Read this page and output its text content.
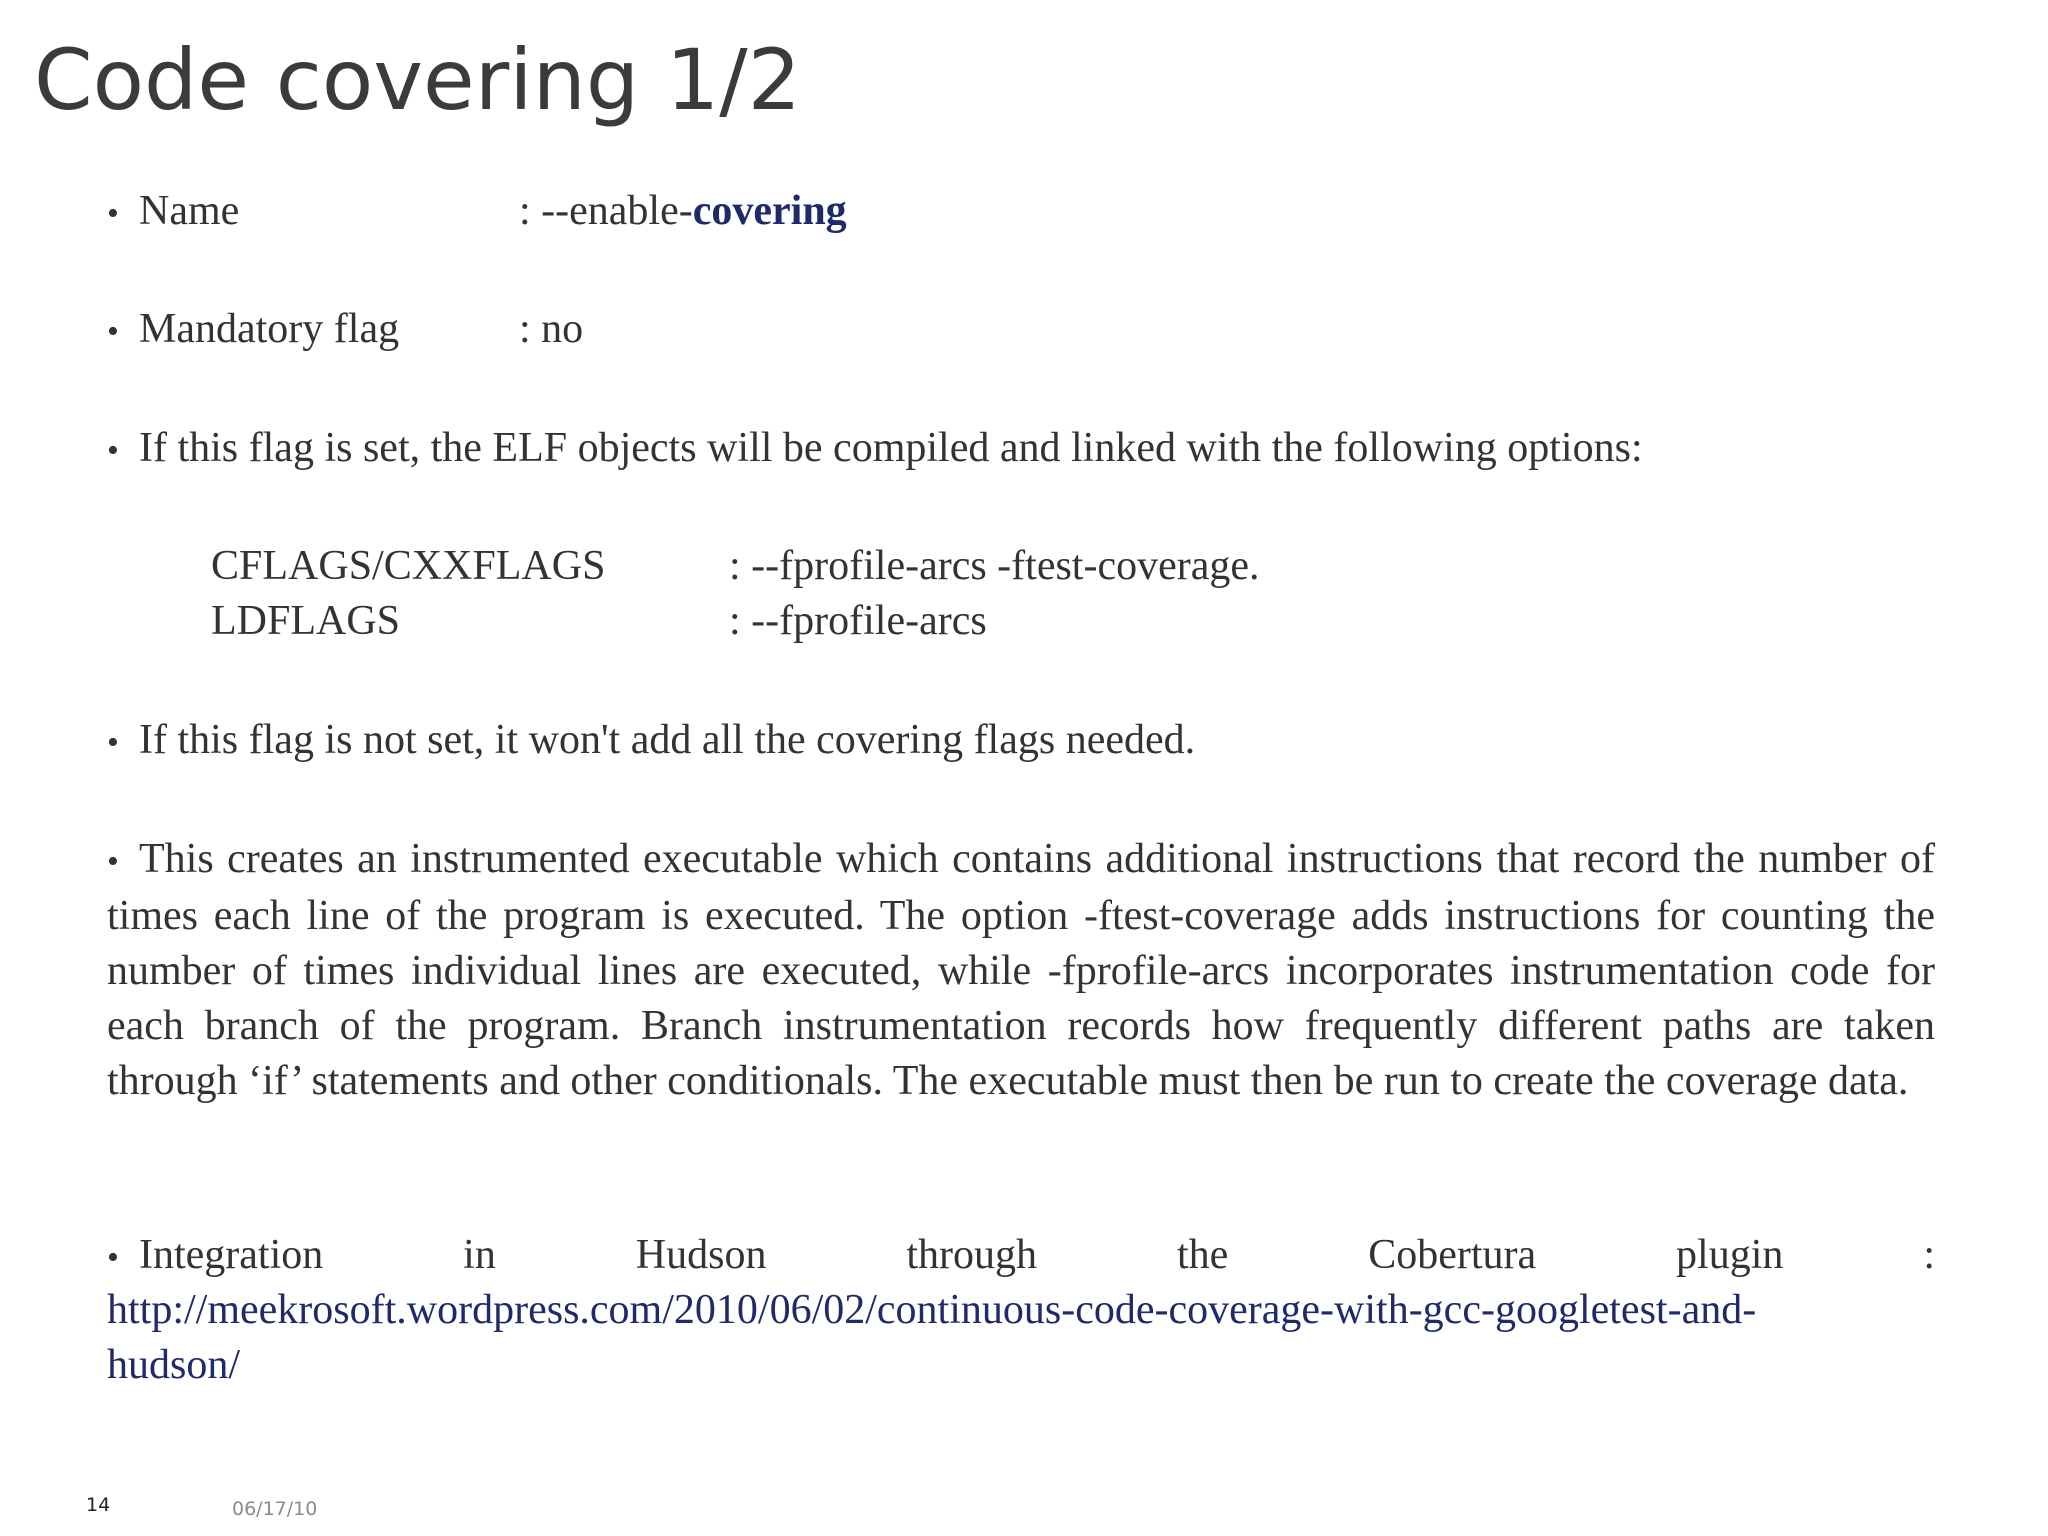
Code covering 1/2
• Name	: --enable-covering
• Mandatory flag	: no
• If this flag is set, the ELF objects will be compiled and linked with the following options:
CFLAGS/CXXFLAGS	: --fprofile-arcs -ftest-coverage.
LDFLAGS	: --fprofile-arcs
• If this flag is not set, it won't add all the covering flags needed.
• This creates an instrumented executable which contains additional instructions that record the number of times each line of the program is executed. The option -ftest-coverage adds instructions for counting the number of times individual lines are executed, while -fprofile-arcs incorporates instrumentation code for each branch of the program. Branch instrumentation records how frequently different paths are taken through ‘if’ statements and other conditionals. The executable must then be run to create the coverage data.
• Integration in Hudson through the Cobertura plugin :
http://meekrosoft.wordpress.com/2010/06/02/continuous-code-coverage-with-gcc-googletest-and-
hudson/
14	06/17/10
